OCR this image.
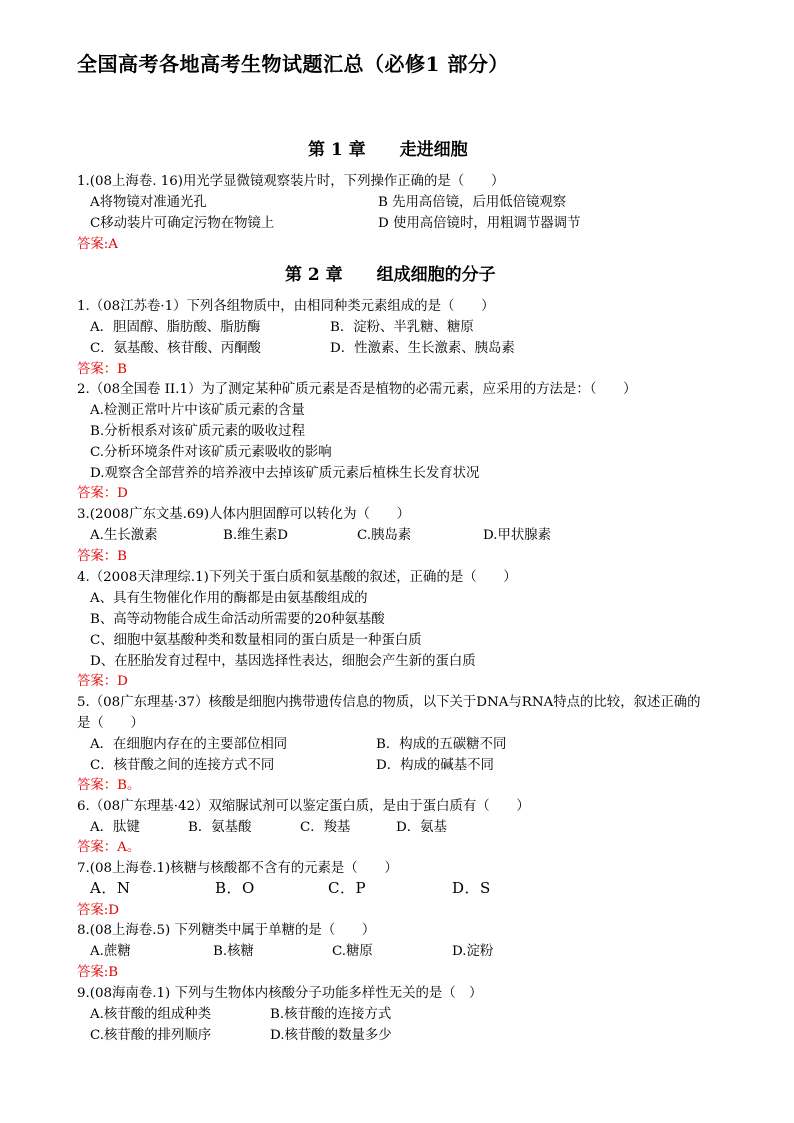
全国高考各地高考生物试题汇总（必修1 部分）
第 1 章　　走进细胞
1.(08上海卷. 16)用光学显微镜观察装片时，下列操作正确的是（　　）
A将物镜对准通光孔	B 先用高倍镜，后用低倍镜观察
C移动装片可确定污物在物镜上	D 使用高倍镜时，用粗调节器调节
答案:A
第 2 章　　组成细胞的分子
1.（08江苏卷·1）下列各组物质中，由相同种类元素组成的是（　　）
A．胆固醇、脂肪酸、脂肪酶	B．淀粉、半乳糖、糖原
C．氨基酸、核苷酸、丙酮酸	D．性激素、生长激素、胰岛素
答案：B
2.（08全国卷 II.1）为了测定某种矿质元素是否是植物的必需元素，应采用的方法是：（　　）
A.检测正常叶片中该矿质元素的含量
B.分析根系对该矿质元素的吸收过程
C.分析环境条件对该矿质元素吸收的影响
D.观察含全部营养的培养液中去掉该矿质元素后植株生长发育状况
答案：D
3.(2008广东文基.69)人体内胆固醇可以转化为（　　）
A.生长激素	B.维生素D	C.胰岛素	D.甲状腺素
答案：B
4.（2008天津理综.1)下列关于蛋白质和氨基酸的叙述，正确的是（　　）
A、具有生物催化作用的酶都是由氨基酸组成的
B、高等动物能合成生命活动所需要的20种氨基酸
C、细胞中氨基酸种类和数量相同的蛋白质是一种蛋白质
D、在胚胎发育过程中，基因选择性表达，细胞会产生新的蛋白质
答案：D
5.（08广东理基·37）核酸是细胞内携带遗传信息的物质，以下关于DNA与RNA特点的比较，叙述正确的
是（　　）
A．在细胞内存在的主要部位相同	B．构成的五碳糖不同
C．核苷酸之间的连接方式不同	D．构成的碱基不同
答案：B。
6.（08广东理基·42）双缩脲试剂可以鉴定蛋白质，是由于蛋白质有（　　）
A．肽键	B．氨基酸	C．羧基	D．氨基
答案：A。
7.(08上海卷.1)核糖与核酸都不含有的元素是（　　）
A．N	B．O	C．P	D．S
答案:D
8.(08上海卷.5) 下列糖类中属于单糖的是（　　）
A.蔗糖	B.核糖	C.糖原	D.淀粉
答案:B
9.(08海南卷.1) 下列与生物体内核酸分子功能多样性无关的是（　）
A.核苷酸的组成种类	B.核苷酸的连接方式
C.核苷酸的排列顺序	D.核苷酸的数量多少
